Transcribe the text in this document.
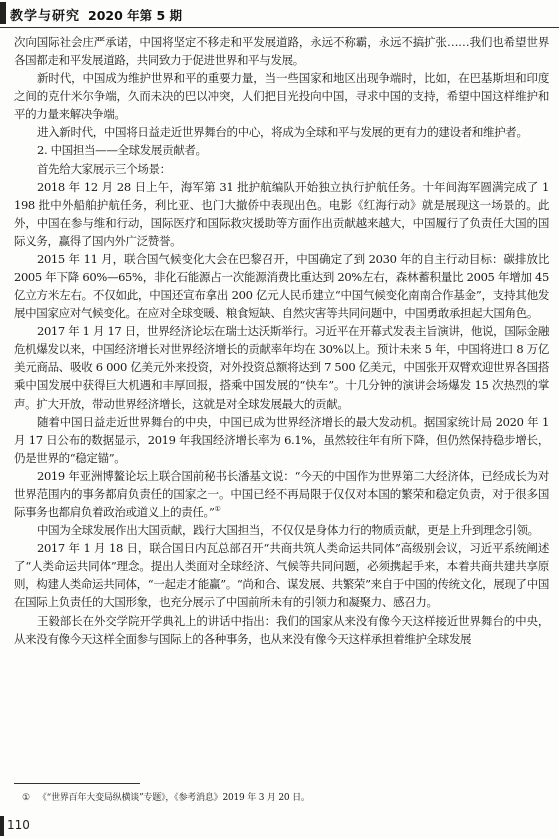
教学与研究 2020 年第 5 期

次向国际社会庄严承诺，中国将坚定不移走和平发展道路，永远不称霸，永远不搞扩张……我们也希望世界各国都走和平发展道路，共同致力于促进世界和平与发展。

新时代，中国成为维护世界和平的重要力量，当一些国家和地区出现争端时，比如，在巴基斯坦和印度之间的克什米尔争端，久而未决的巴以冲突，人们把目光投向中国，寻求中国的支持，希望中国这样维护和平的力量来解决争端。

进入新时代，中国将日益走近世界舞台的中心，将成为全球和平与发展的更有力的建设者和维护者。

2. 中国担当——全球发展贡献者。

首先给大家展示三个场景：

2018 年 12 月 28 日上午，海军第 31 批护航编队开始独立执行护航任务。十年间海军圆满完成了 1 198 批中外船舶护航任务，利比亚、也门大撤侨中表现出色。电影《红海行动》就是展现这一场景的。此外，中国在参与维和行动，国际医疗和国际救灾援助等方面作出贡献越来越大，中国履行了负责任大国的国际义务，赢得了国内外广泛赞誉。

2015 年 11 月，联合国气候变化大会在巴黎召开，中国确定了到 2030 年的自主行动目标：碳排放比 2005 年下降 60%—65%，非化石能源占一次能源消费比重达到 20%左右，森林蓄积量比 2005 年增加 45 亿立方米左右。不仅如此，中国还宣布拿出 200 亿元人民币建立“中国气候变化南南合作基金”，支持其他发展中国家应对气候变化。在应对全球变暖、粮食短缺、自然灾害等共同问题中，中国勇敢承担起大国角色。

2017 年 1 月 17 日，世界经济论坛在瑞士达沃斯举行。习近平在开幕式发表主旨演讲，他说，国际金融危机爆发以来，中国经济增长对世界经济增长的贡献率年均在 30%以上。预计未来 5 年，中国将进口 8 万亿美元商品、吸收 6 000 亿美元外来投资，对外投资总额将达到 7 500 亿美元，中国张开双臂欢迎世界各国搭乘中国发展中获得巨大机遇和丰厚回报，搭乘中国发展的“快车”。十几分钟的演讲会场爆发 15 次热烈的掌声。扩大开放，带动世界经济增长，这就是对全球发展最大的贡献。

随着中国日益走近世界舞台的中央，中国已成为世界经济增长的最大发动机。据国家统计局 2020 年 1 月 17 日公布的数据显示，2019 年我国经济增长率为 6.1%，虽然较往年有所下降，但仍然保持稳步增长，仍是世界的“稳定锚”。

2019 年亚洲博鳌论坛上联合国前秘书长潘基文说：“今天的中国作为世界第二大经济体，已经成长为对世界范围内的事务都肩负责任的国家之一。中国已经不再局限于仅仅对本国的繁荣和稳定负责，对于很多国际事务也都肩负着政治或道义上的责任。”①

中国为全球发展作出大国贡献，践行大国担当，不仅仅是身体力行的物质贡献，更是上升到理念引领。

2017 年 1 月 18 日，联合国日内瓦总部召开“共商共筑人类命运共同体”高级别会议，习近平系统阐述了“人类命运共同体”理念。提出人类面对全球经济、气候等共同问题，必须携起手来，本着共商共建共享原则，构建人类命运共同体，“一起走才能赢”。“尚和合、谋发展、共繁荣”来自于中国的传统文化，展现了中国在国际上负责任的大国形象，也充分展示了中国前所未有的引领力和凝聚力、感召力。

王毅部长在外交学院开学典礼上的讲话中指出：我们的国家从来没有像今天这样接近世界舞台的中央，从来没有像今天这样全面参与国际上的各种事务，也从来没有像今天这样承担着维护全球发展

① 《“世界百年大变局纵横谈”专题》，《参考消息》2019 年 3 月 20 日。
110
